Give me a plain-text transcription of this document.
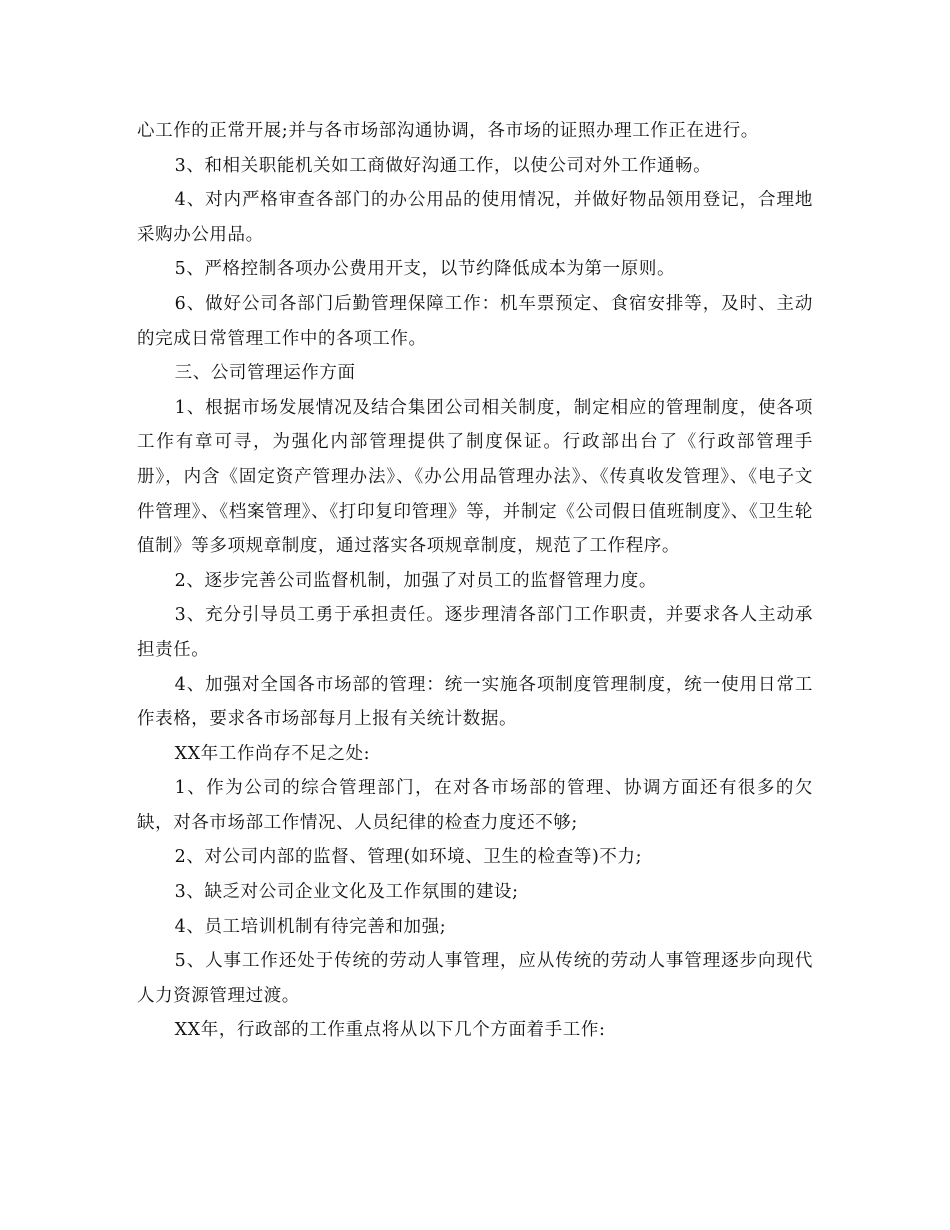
心工作的正常开展;并与各市场部沟通协调，各市场的证照办理工作正在进行。

3、和相关职能机关如工商做好沟通工作，以使公司对外工作通畅。

4、对内严格审查各部门的办公用品的使用情况，并做好物品领用登记，合理地采购办公用品。

5、严格控制各项办公费用开支，以节约降低成本为第一原则。

6、做好公司各部门后勤管理保障工作：机车票预定、食宿安排等，及时、主动的完成日常管理工作中的各项工作。

三、公司管理运作方面

1、根据市场发展情况及结合集团公司相关制度，制定相应的管理制度，使各项工作有章可寻，为强化内部管理提供了制度保证。行政部出台了《行政部管理手册》，内含《固定资产管理办法》、《办公用品管理办法》、《传真收发管理》、《电子文件管理》、《档案管理》、《打印复印管理》等，并制定《公司假日值班制度》、《卫生轮值制》等多项规章制度，通过落实各项规章制度，规范了工作程序。

2、逐步完善公司监督机制，加强了对员工的监督管理力度。

3、充分引导员工勇于承担责任。逐步理清各部门工作职责，并要求各人主动承担责任。

4、加强对全国各市场部的管理：统一实施各项制度管理制度，统一使用日常工作表格，要求各市场部每月上报有关统计数据。

XX年工作尚存不足之处:

1、作为公司的综合管理部门，在对各市场部的管理、协调方面还有很多的欠缺，对各市场部工作情况、人员纪律的检查力度还不够;

2、对公司内部的监督、管理(如环境、卫生的检查等)不力;

3、缺乏对公司企业文化及工作氛围的建设;

4、员工培训机制有待完善和加强;

5、人事工作还处于传统的劳动人事管理，应从传统的劳动人事管理逐步向现代人力资源管理过渡。

XX年，行政部的工作重点将从以下几个方面着手工作:
